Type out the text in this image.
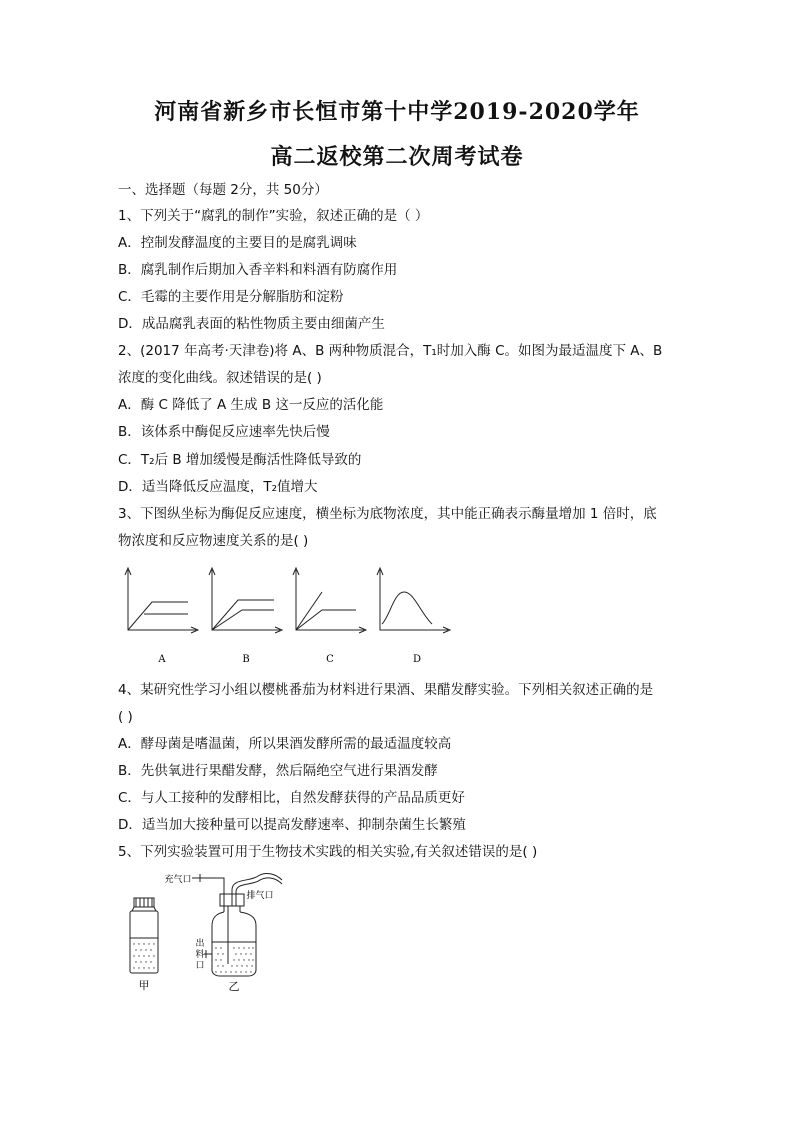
河南省新乡市长恒市第十中学2019-2020学年
高二返校第二次周考试卷
一、选择题（每题 2分，共 50分）
1、下列关于“腐乳的制作”实验，叙述正确的是（ ）
A．控制发酵温度的主要目的是腐乳调味
B．腐乳制作后期加入香辛料和料酒有防腐作用
C．毛霉的主要作用是分解脂肪和淀粉
D．成品腐乳表面的粘性物质主要由细菌产生
2、(2017 年高考·天津卷)将 A、B 两种物质混合，T₁时加入酶 C。如图为最适温度下 A、B
浓度的变化曲线。叙述错误的是( )
A．酶 C 降低了 A 生成 B 这一反应的活化能
B．该体系中酶促反应速率先快后慢
C．T₂后 B 增加缓慢是酶活性降低导致的
D．适当降低反应温度，T₂值增大
3、下图纵坐标为酶促反应速度，横坐标为底物浓度，其中能正确表示酶量增加 1 倍时，底
物浓度和反应物速度关系的是( )
A	B	C	D
4、某研究性学习小组以樱桃番茄为材料进行果酒、果醋发酵实验。下列相关叙述正确的是
( )
A．酵母菌是嗜温菌，所以果酒发酵所需的最适温度较高
B．先供氧进行果醋发酵，然后隔绝空气进行果酒发酵
C．与人工接种的发酵相比，自然发酵获得的产品品质更好
D．适当加大接种量可以提高发酵速率、抑制杂菌生长繁殖
5、下列实验装置可用于生物技术实践的相关实验,有关叙述错误的是( )
甲
充气口
排气口
出
料
口
乙
